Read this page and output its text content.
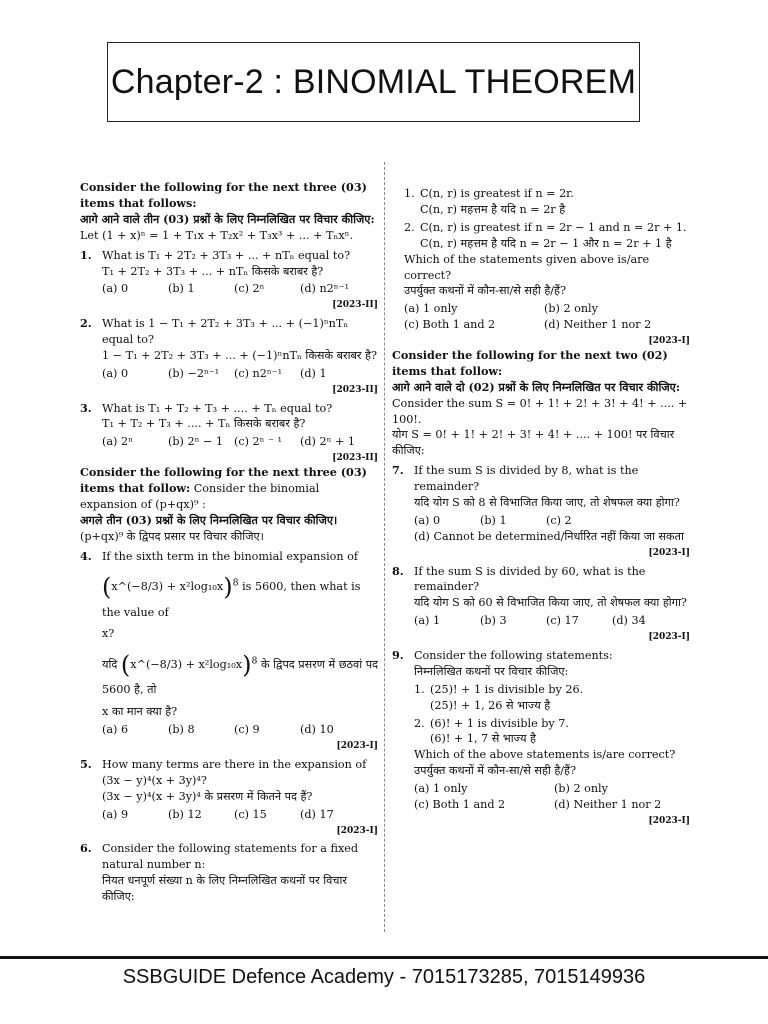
Chapter-2 : BINOMIAL THEOREM
Consider the following for the next three (03) items that follows:
आगे आने वाले तीन (03) प्रश्नों के लिए निम्नलिखित पर विचार कीजिए:
Let (1 + x)ⁿ = 1 + T₁x + T₂x² + T₃x³ + ... + Tₙxⁿ.
1. What is T₁ + 2T₂ + 3T₃ + ... + nTₙ equal to?
T₁ + 2T₂ + 3T₃ + ... + nTₙ किसके बराबर है?
(a) 0	(b) 1	(c) 2ⁿ	(d) n2ⁿ⁻¹
[2023-II]
2. What is 1 − T₁ + 2T₂ + 3T₃ + ... + (−1)ⁿnTₙ equal to?
1 − T₁ + 2T₂ + 3T₃ + ... + (−1)ⁿnTₙ किसके बराबर है?
(a) 0	(b) −2ⁿ⁻¹	(c) n2ⁿ⁻¹	(d) 1
[2023-II]
3. What is T₁ + T₂ + T₃ + .... + Tₙ equal to?
T₁ + T₂ + T₃ + .... + Tₙ किसके बराबर है?
(a) 2ⁿ	(b) 2ⁿ − 1 (c) 2ⁿ ⁻ ¹	(d) 2ⁿ + 1
[2023-II]
Consider the following for the next three (03) items that follow: Consider the binomial expansion of (p+qx)⁹ :
अगले तीन (03) प्रश्नों के लिए निम्नलिखित पर विचार कीजिए।
(p+qx)⁹ के द्विपद प्रसार पर विचार कीजिए।
4. If the sixth term in the binomial expansion of
(x^(−8/3) + x²log₁₀x)$^8$ is 5600, then what is the value of
x?
यदि (x^(−8/3) + x²log₁₀x)$^8$ के द्विपद प्रसरण में छठवां पद 5600 है, तो
x का मान क्या है?
(a) 6	(b) 8	(c) 9	(d) 10
[2023-I]
5. How many terms are there in the expansion of (3x − y)⁴(x + 3y)⁴?
(3x − y)⁴(x + 3y)⁴ के प्रसरण में कितने पद हैं?
(a) 9	(b) 12	(c) 15	(d) 17
[2023-I]
6. Consider the following statements for a fixed natural number n:
नियत धनपूर्ण संख्या n के लिए निम्नलिखित कथनों पर विचार कीजिए:
1. C(n, r) is greatest if n = 2r.
C(n, r) महत्तम है यदि n = 2r है
2. C(n, r) is greatest if n = 2r − 1 and n = 2r + 1.
C(n, r) महत्तम है यदि n = 2r − 1 और n = 2r + 1 है
Which of the statements given above is/are correct?
उपर्युक्त कथनों में कौन-सा/से सही है/हैं?
(a) 1 only	(b) 2 only
(c) Both 1 and 2	(d) Neither 1 nor 2
[2023-I]
Consider the following for the next two (02) items that follow:
आगे आने वाले दो (02) प्रश्नों के लिए निम्नलिखित पर विचार कीजिए:
Consider the sum S = 0! + 1! + 2! + 3! + 4! + .... + 100!.
योग S = 0! + 1! + 2! + 3! + 4! + .... + 100! पर विचार कीजिए:
7. If the sum S is divided by 8, what is the remainder?
यदि योग S को 8 से विभाजित किया जाए, तो शेषफल क्या होगा?
(a) 0	(b) 1	(c) 2
(d) Cannot be determined/निर्धारित नहीं किया जा सकता
[2023-I]
8. If the sum S is divided by 60, what is the remainder?
यदि योग S को 60 से विभाजित किया जाए, तो शेषफल क्या होगा?
(a) 1	(b) 3	(c) 17	(d) 34
[2023-I]
9. Consider the following statements:
निम्नलिखित कथनों पर विचार कीजिए:
1. (25)! + 1 is divisible by 26.
(25)! + 1, 26 से भाज्य है
2. (6)! + 1 is divisible by 7.
(6)! + 1, 7 से भाज्य है
Which of the above statements is/are correct?
उपर्युक्त कथनों में कौन-सा/से सही है/हैं?
(a) 1 only	(b) 2 only
(c) Both 1 and 2	(d) Neither 1 nor 2
[2023-I]
SSBGUIDE Defence Academy - 7015173285, 7015149936
